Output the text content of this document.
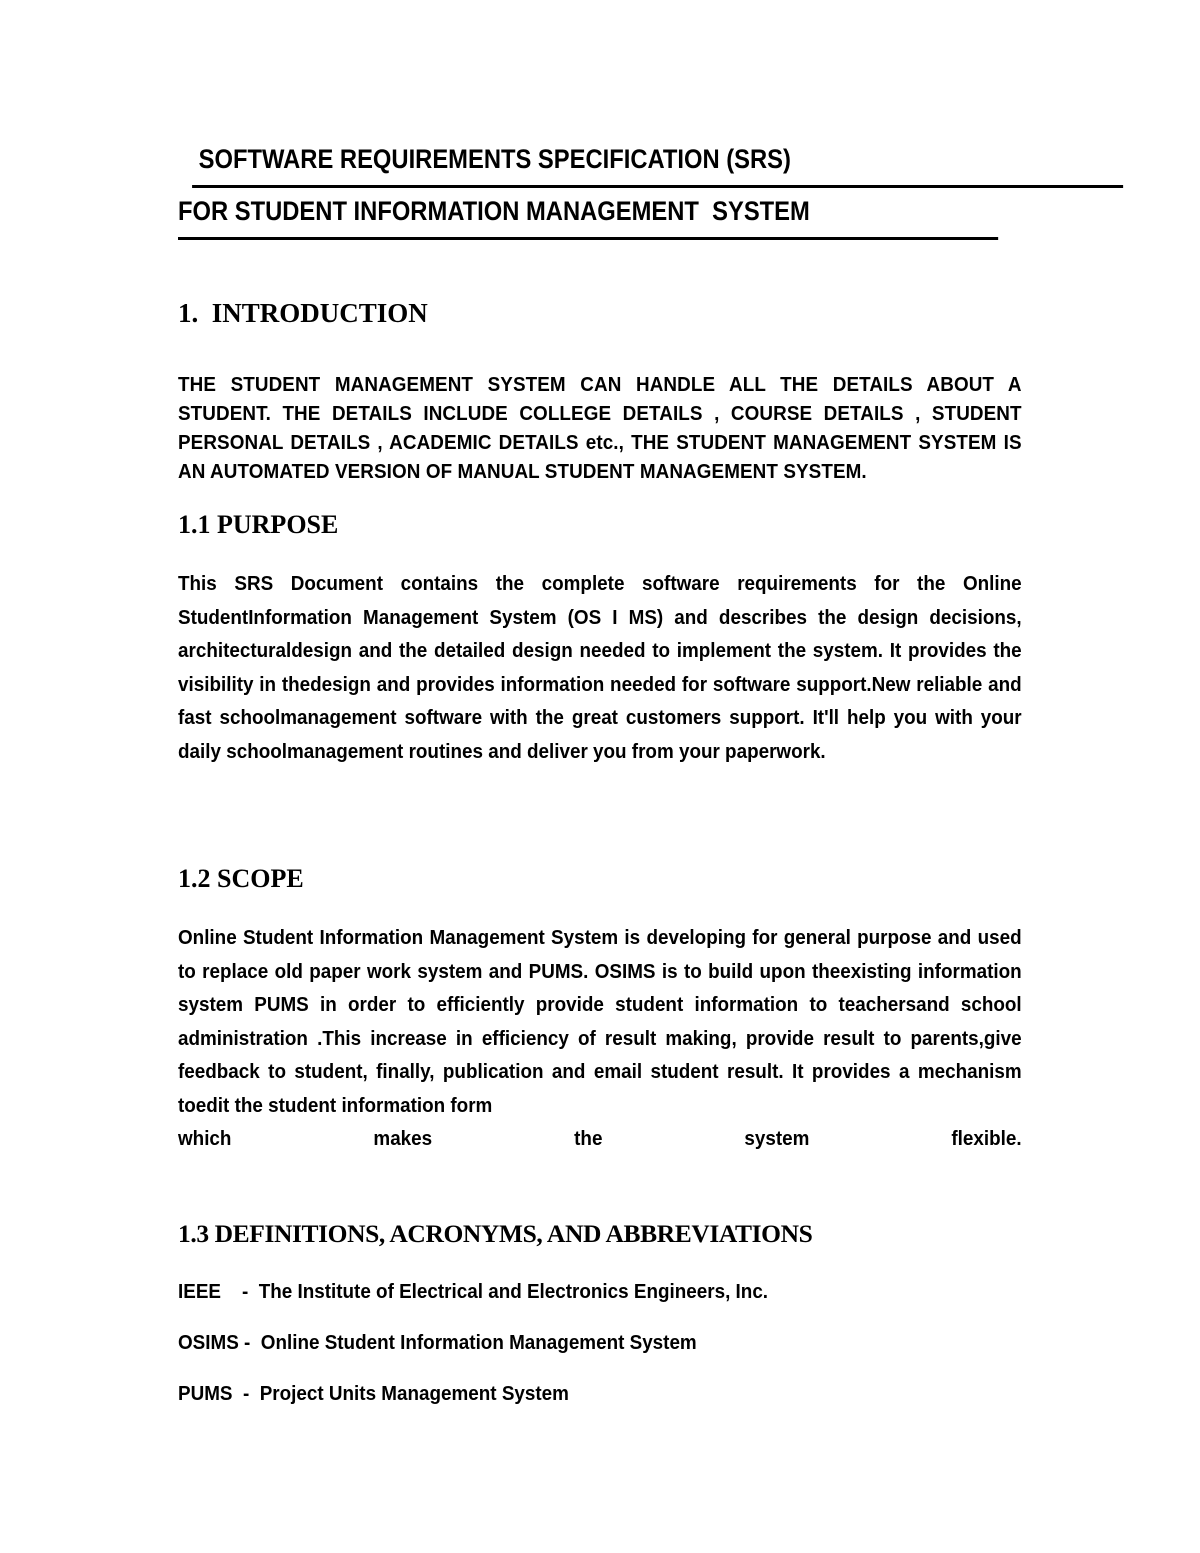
SOFTWARE REQUIREMENTS SPECIFICATION (SRS)
FOR STUDENT INFORMATION MANAGEMENT  SYSTEM
1.  INTRODUCTION

THE STUDENT MANAGEMENT SYSTEM CAN HANDLE ALL THE DETAILS ABOUT A STUDENT. THE DETAILS INCLUDE COLLEGE DETAILS , COURSE DETAILS , STUDENT PERSONAL DETAILS , ACADEMIC DETAILS etc., THE STUDENT MANAGEMENT SYSTEM IS AN AUTOMATED VERSION OF MANUAL STUDENT MANAGEMENT SYSTEM.

1.1 PURPOSE

This SRS Document contains the complete software requirements for the Online StudentInformation Management System (OS I MS) and describes the design decisions, architecturaldesign and the detailed design needed to implement the system. It provides the visibility in thedesign and provides information needed for software support.New reliable and fast schoolmanagement software with the great customers support. It'll help you with your daily schoolmanagement routines and deliver you from your paperwork.

1.2 SCOPE

Online Student Information Management System is developing for general purpose and used to replace old paper work system and PUMS. OSIMS is to build upon theexisting information system PUMS in order to efficiently provide student information to teachersand school administration .This increase in efficiency of result making, provide result to parents,give feedback to student, finally, publication and email student result. It provides a mechanism toedit the student information form

which makes the system flexible.

1.3 DEFINITIONS, ACRONYMS, AND ABBREVIATIONS

IEEE    -  The Institute of Electrical and Electronics Engineers, Inc.

OSIMS -  Online Student Information Management System

PUMS  -  Project Units Management System
